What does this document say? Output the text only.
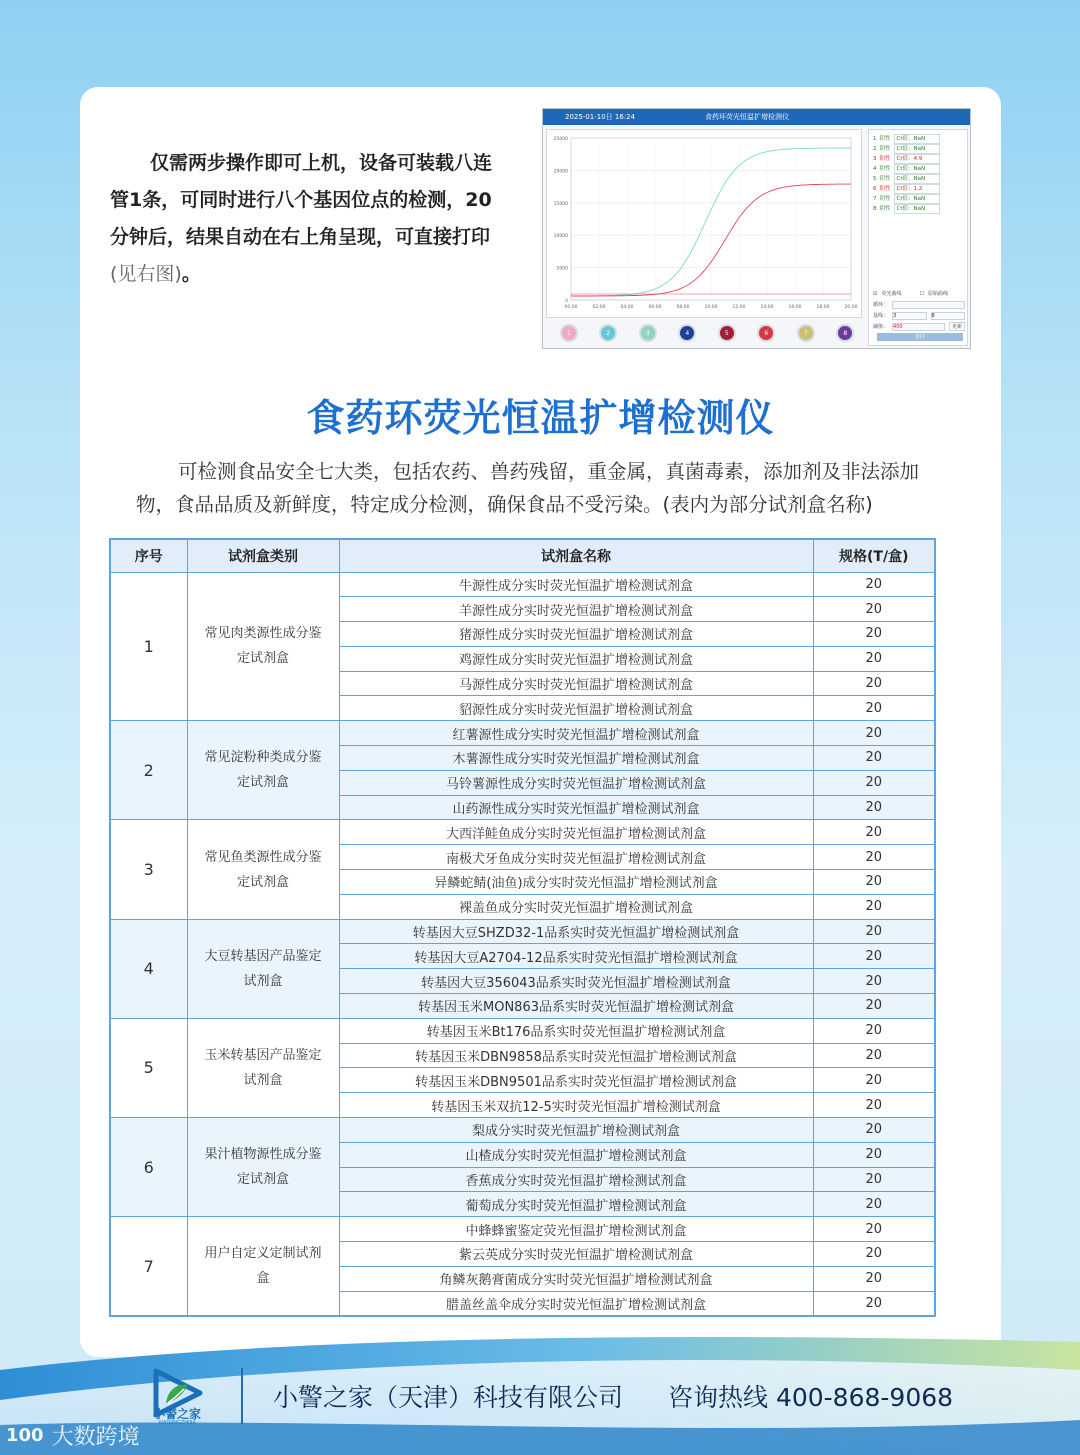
仅需两步操作即可上机，设备可装载八连管1条，可同时进行八个基因位点的检测，20分钟后，结果自动在右上角呈现，可直接打印(见右图)。

2025-01-10日 16:24	食药环荧光恒温扩增检测仪
25000
20000
15000
10000
5000
0
00:00	02:00	04:00	06:00	08:00	10:00	12:00	14:00	16:00	18:00	20:00
1 阴性 Ct值：NaN
2 阴性 Ct值：NaN
3 阳性 Ct值：4.9
4 阴性 Ct值：NaN
5 阴性 Ct值：NaN
6 阳性 Ct值：1.2
7 阴性 Ct值：NaN
8 阴性 Ct值：NaN
☑ 荧光曲线	☐ 原始曲线
循环：
基线： 3	8
阈值： 400	更新
返回
1	2	3	4	5	6	7	8
食药环荧光恒温扩增检测仪

可检测食品安全七大类，包括农药、兽药残留，重金属，真菌毒素，添加剂及非法添加物，食品品质及新鲜度，特定成分检测，确保食品不受污染。(表内为部分试剂盒名称)

序号	试剂盒类别	试剂盒名称	规格(T/盒)
1	常见肉类源性成分鉴定试剂盒	牛源性成分实时荧光恒温扩增检测试剂盒	20
		羊源性成分实时荧光恒温扩增检测试剂盒	20
		猪源性成分实时荧光恒温扩增检测试剂盒	20
		鸡源性成分实时荧光恒温扩增检测试剂盒	20
		马源性成分实时荧光恒温扩增检测试剂盒	20
		貂源性成分实时荧光恒温扩增检测试剂盒	20
2	常见淀粉种类成分鉴定试剂盒	红薯源性成分实时荧光恒温扩增检测试剂盒	20
		木薯源性成分实时荧光恒温扩增检测试剂盒	20
		马铃薯源性成分实时荧光恒温扩增检测试剂盒	20
		山药源性成分实时荧光恒温扩增检测试剂盒	20
3	常见鱼类源性成分鉴定试剂盒	大西洋鲑鱼成分实时荧光恒温扩增检测试剂盒	20
		南极犬牙鱼成分实时荧光恒温扩增检测试剂盒	20
		异鳞蛇鲭(油鱼)成分实时荧光恒温扩增检测试剂盒	20
		裸盖鱼成分实时荧光恒温扩增检测试剂盒	20
4	大豆转基因产品鉴定试剂盒	转基因大豆SHZD32-1品系实时荧光恒温扩增检测试剂盒	20
		转基因大豆A2704-12品系实时荧光恒温扩增检测试剂盒	20
		转基因大豆356043品系实时荧光恒温扩增检测试剂盒	20
		转基因玉米MON863品系实时荧光恒温扩增检测试剂盒	20
5	玉米转基因产品鉴定试剂盒	转基因玉米Bt176品系实时荧光恒温扩增检测试剂盒	20
		转基因玉米DBN9858品系实时荧光恒温扩增检测试剂盒	20
		转基因玉米DBN9501品系实时荧光恒温扩增检测试剂盒	20
		转基因玉米双抗12-5实时荧光恒温扩增检测试剂盒	20
6	果汁植物源性成分鉴定试剂盒	梨成分实时荧光恒温扩增检测试剂盒	20
		山楂成分实时荧光恒温扩增检测试剂盒	20
		香蕉成分实时荧光恒温扩增检测试剂盒	20
		葡萄成分实时荧光恒温扩增检测试剂盒	20
7	用户自定义定制试剂盒	中蜂蜂蜜鉴定荧光恒温扩增检测试剂盒	20
		紫云英成分实时荧光恒温扩增检测试剂盒	20
		角鳞灰鹅膏菌成分实时荧光恒温扩增检测试剂盒	20
		腊盖丝盖伞成分实时荧光恒温扩增检测试剂盒	20
小警之家
XIAOJINGZHIJIA
小警之家（天津）科技有限公司 咨询热线 400-868-9068
100 大数跨境
